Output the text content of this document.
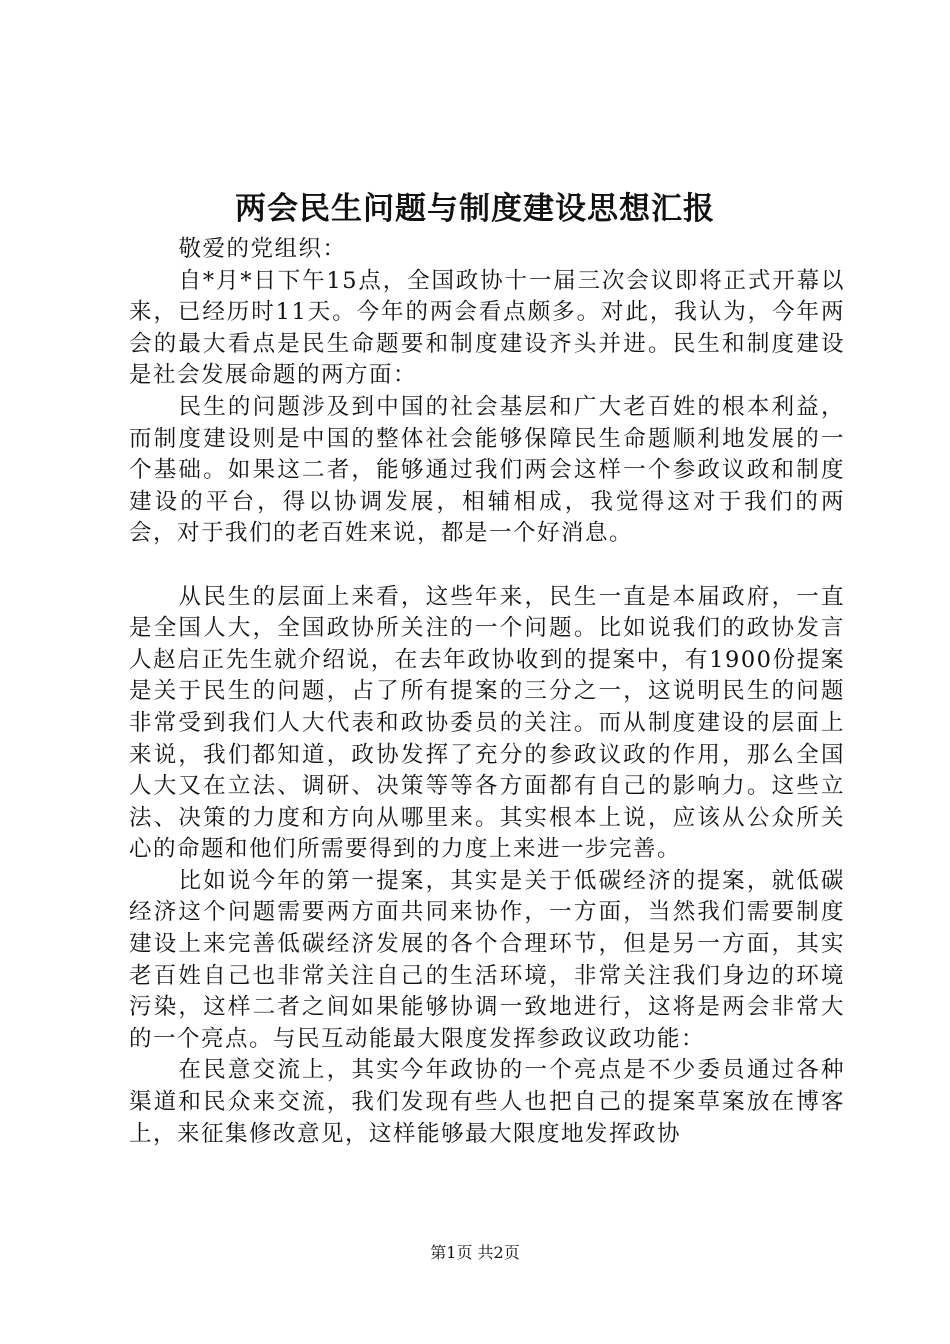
两会民生问题与制度建设思想汇报

敬爱的党组织：

自*月*日下午15点，全国政协十一届三次会议即将正式开幕以来，已经历时11天。今年的两会看点颇多。对此，我认为，今年两会的最大看点是民生命题要和制度建设齐头并进。民生和制度建设是社会发展命题的两方面：

民生的问题涉及到中国的社会基层和广大老百姓的根本利益，而制度建设则是中国的整体社会能够保障民生命题顺利地发展的一个基础。如果这二者，能够通过我们两会这样一个参政议政和制度建设的平台，得以协调发展，相辅相成，我觉得这对于我们的两会，对于我们的老百姓来说，都是一个好消息。

从民生的层面上来看，这些年来，民生一直是本届政府，一直是全国人大，全国政协所关注的一个问题。比如说我们的政协发言人赵启正先生就介绍说，在去年政协收到的提案中，有1900份提案是关于民生的问题，占了所有提案的三分之一，这说明民生的问题非常受到我们人大代表和政协委员的关注。而从制度建设的层面上来说，我们都知道，政协发挥了充分的参政议政的作用，那么全国人大又在立法、调研、决策等等各方面都有自己的影响力。这些立法、决策的力度和方向从哪里来。其实根本上说，应该从公众所关心的命题和他们所需要得到的力度上来进一步完善。

比如说今年的第一提案，其实是关于低碳经济的提案，就低碳经济这个问题需要两方面共同来协作，一方面，当然我们需要制度建设上来完善低碳经济发展的各个合理环节，但是另一方面，其实老百姓自己也非常关注自己的生活环境，非常关注我们身边的环境污染，这样二者之间如果能够协调一致地进行，这将是两会非常大的一个亮点。与民互动能最大限度发挥参政议政功能：

在民意交流上，其实今年政协的一个亮点是不少委员通过各种渠道和民众来交流，我们发现有些人也把自己的提案草案放在博客上，来征集修改意见，这样能够最大限度地发挥政协

第1页 共2页
